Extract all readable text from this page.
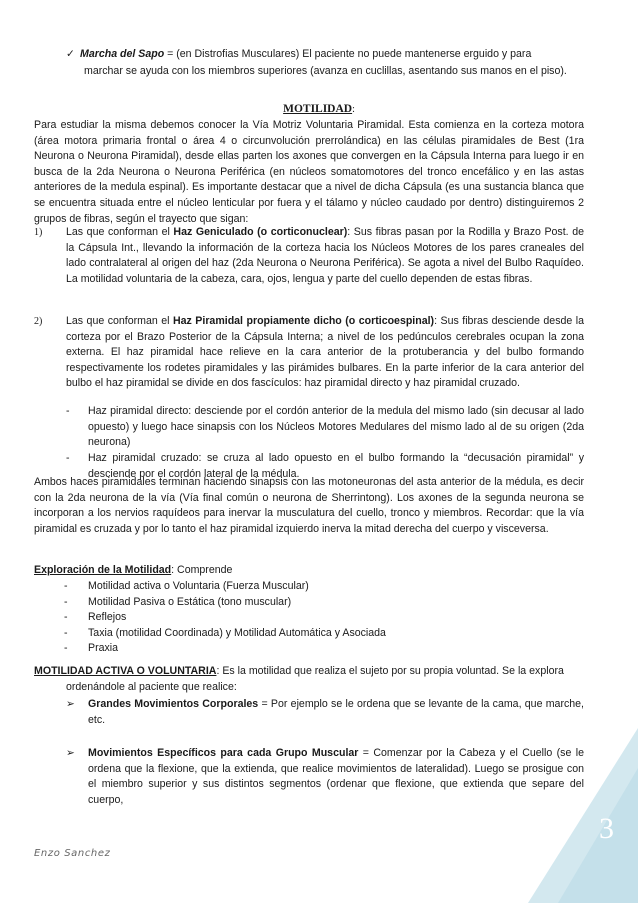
✓ Marcha del Sapo = (en Distrofias Musculares) El paciente no puede mantenerse erguido y para
marchar se ayuda con los miembros superiores (avanza en cuclillas, asentando sus manos en el piso).
MOTILIDAD:
Para estudiar la misma debemos conocer la Vía Motriz Voluntaria Piramidal. Esta comienza en la corteza motora (área motora primaria frontal o área 4 o circunvolución prerrolándica) en las células piramidales de Best (1ra Neurona o Neurona Piramidal), desde ellas parten los axones que convergen en la Cápsula Interna para luego ir en busca de la 2da Neurona o Neurona Periférica (en núcleos somatomotores del tronco encefálico y en las astas anteriores de la medula espinal). Es importante destacar que a nivel de dicha Cápsula (es una sustancia blanca que se encuentra situada entre el núcleo lenticular por fuera y el tálamo y núcleo caudado por dentro) distinguiremos 2 grupos de fibras, según el trayecto que sigan:
1) Las que conforman el Haz Geniculado (o corticonuclear): Sus fibras pasan por la Rodilla y Brazo Post. de la Cápsula Int., llevando la información de la corteza hacia los Núcleos Motores de los pares craneales del lado contralateral al origen del haz (2da Neurona o Neurona Periférica). Se agota a nivel del Bulbo Raquídeo. La motilidad voluntaria de la cabeza, cara, ojos, lengua y parte del cuello dependen de estas fibras.
2) Las que conforman el Haz Piramidal propiamente dicho (o corticoespinal): Sus fibras desciende desde la corteza por el Brazo Posterior de la Cápsula Interna; a nivel de los pedúnculos cerebrales ocupan la zona externa. El haz piramidal hace relieve en la cara anterior de la protuberancia y del bulbo formando respectivamente los rodetes piramidales y las pirámides bulbares. En la parte inferior de la cara anterior del bulbo el haz piramidal se divide en dos fascículos: haz piramidal directo y haz piramidal cruzado.
- Haz piramidal directo: desciende por el cordón anterior de la medula del mismo lado (sin decusar al lado opuesto) y luego hace sinapsis con los Núcleos Motores Medulares del mismo lado al de su origen (2da neurona)
- Haz piramidal cruzado: se cruza al lado opuesto en el bulbo formando la “decusación piramidal” y desciende por el cordón lateral de la médula.
Ambos haces piramidales terminan haciendo sinapsis con las motoneuronas del asta anterior de la médula, es decir con la 2da neurona de la vía (Vía final común o neurona de Sherrintong). Los axones de la segunda neurona se incorporan a los nervios raquídeos para inervar la musculatura del cuello, tronco y miembros. Recordar: que la vía piramidal es cruzada y por lo tanto el haz piramidal izquierdo inerva la mitad derecha del cuerpo y visceversa.
Exploración de la Motilidad: Comprende
- Motilidad activa o Voluntaria (Fuerza Muscular)
- Motilidad Pasiva o Estática (tono muscular)
- Reflejos
- Taxia (motilidad Coordinada) y Motilidad Automática y Asociada
- Praxia
MOTILIDAD ACTIVA O VOLUNTARIA: Es la motilidad que realiza el sujeto por su propia voluntad. Se la explora
ordenándole al paciente que realice:
➢ Grandes Movimientos Corporales = Por ejemplo se le ordena que se levante de la cama, que marche, etc.
➢ Movimientos Específicos para cada Grupo Muscular = Comenzar por la Cabeza y el Cuello (se le ordena que la flexione, que la extienda, que realice movimientos de lateralidad). Luego se prosigue con el miembro superior y sus distintos segmentos (ordenar que flexione, que extienda que separe del cuerpo,
3
Enzo Sanchez
